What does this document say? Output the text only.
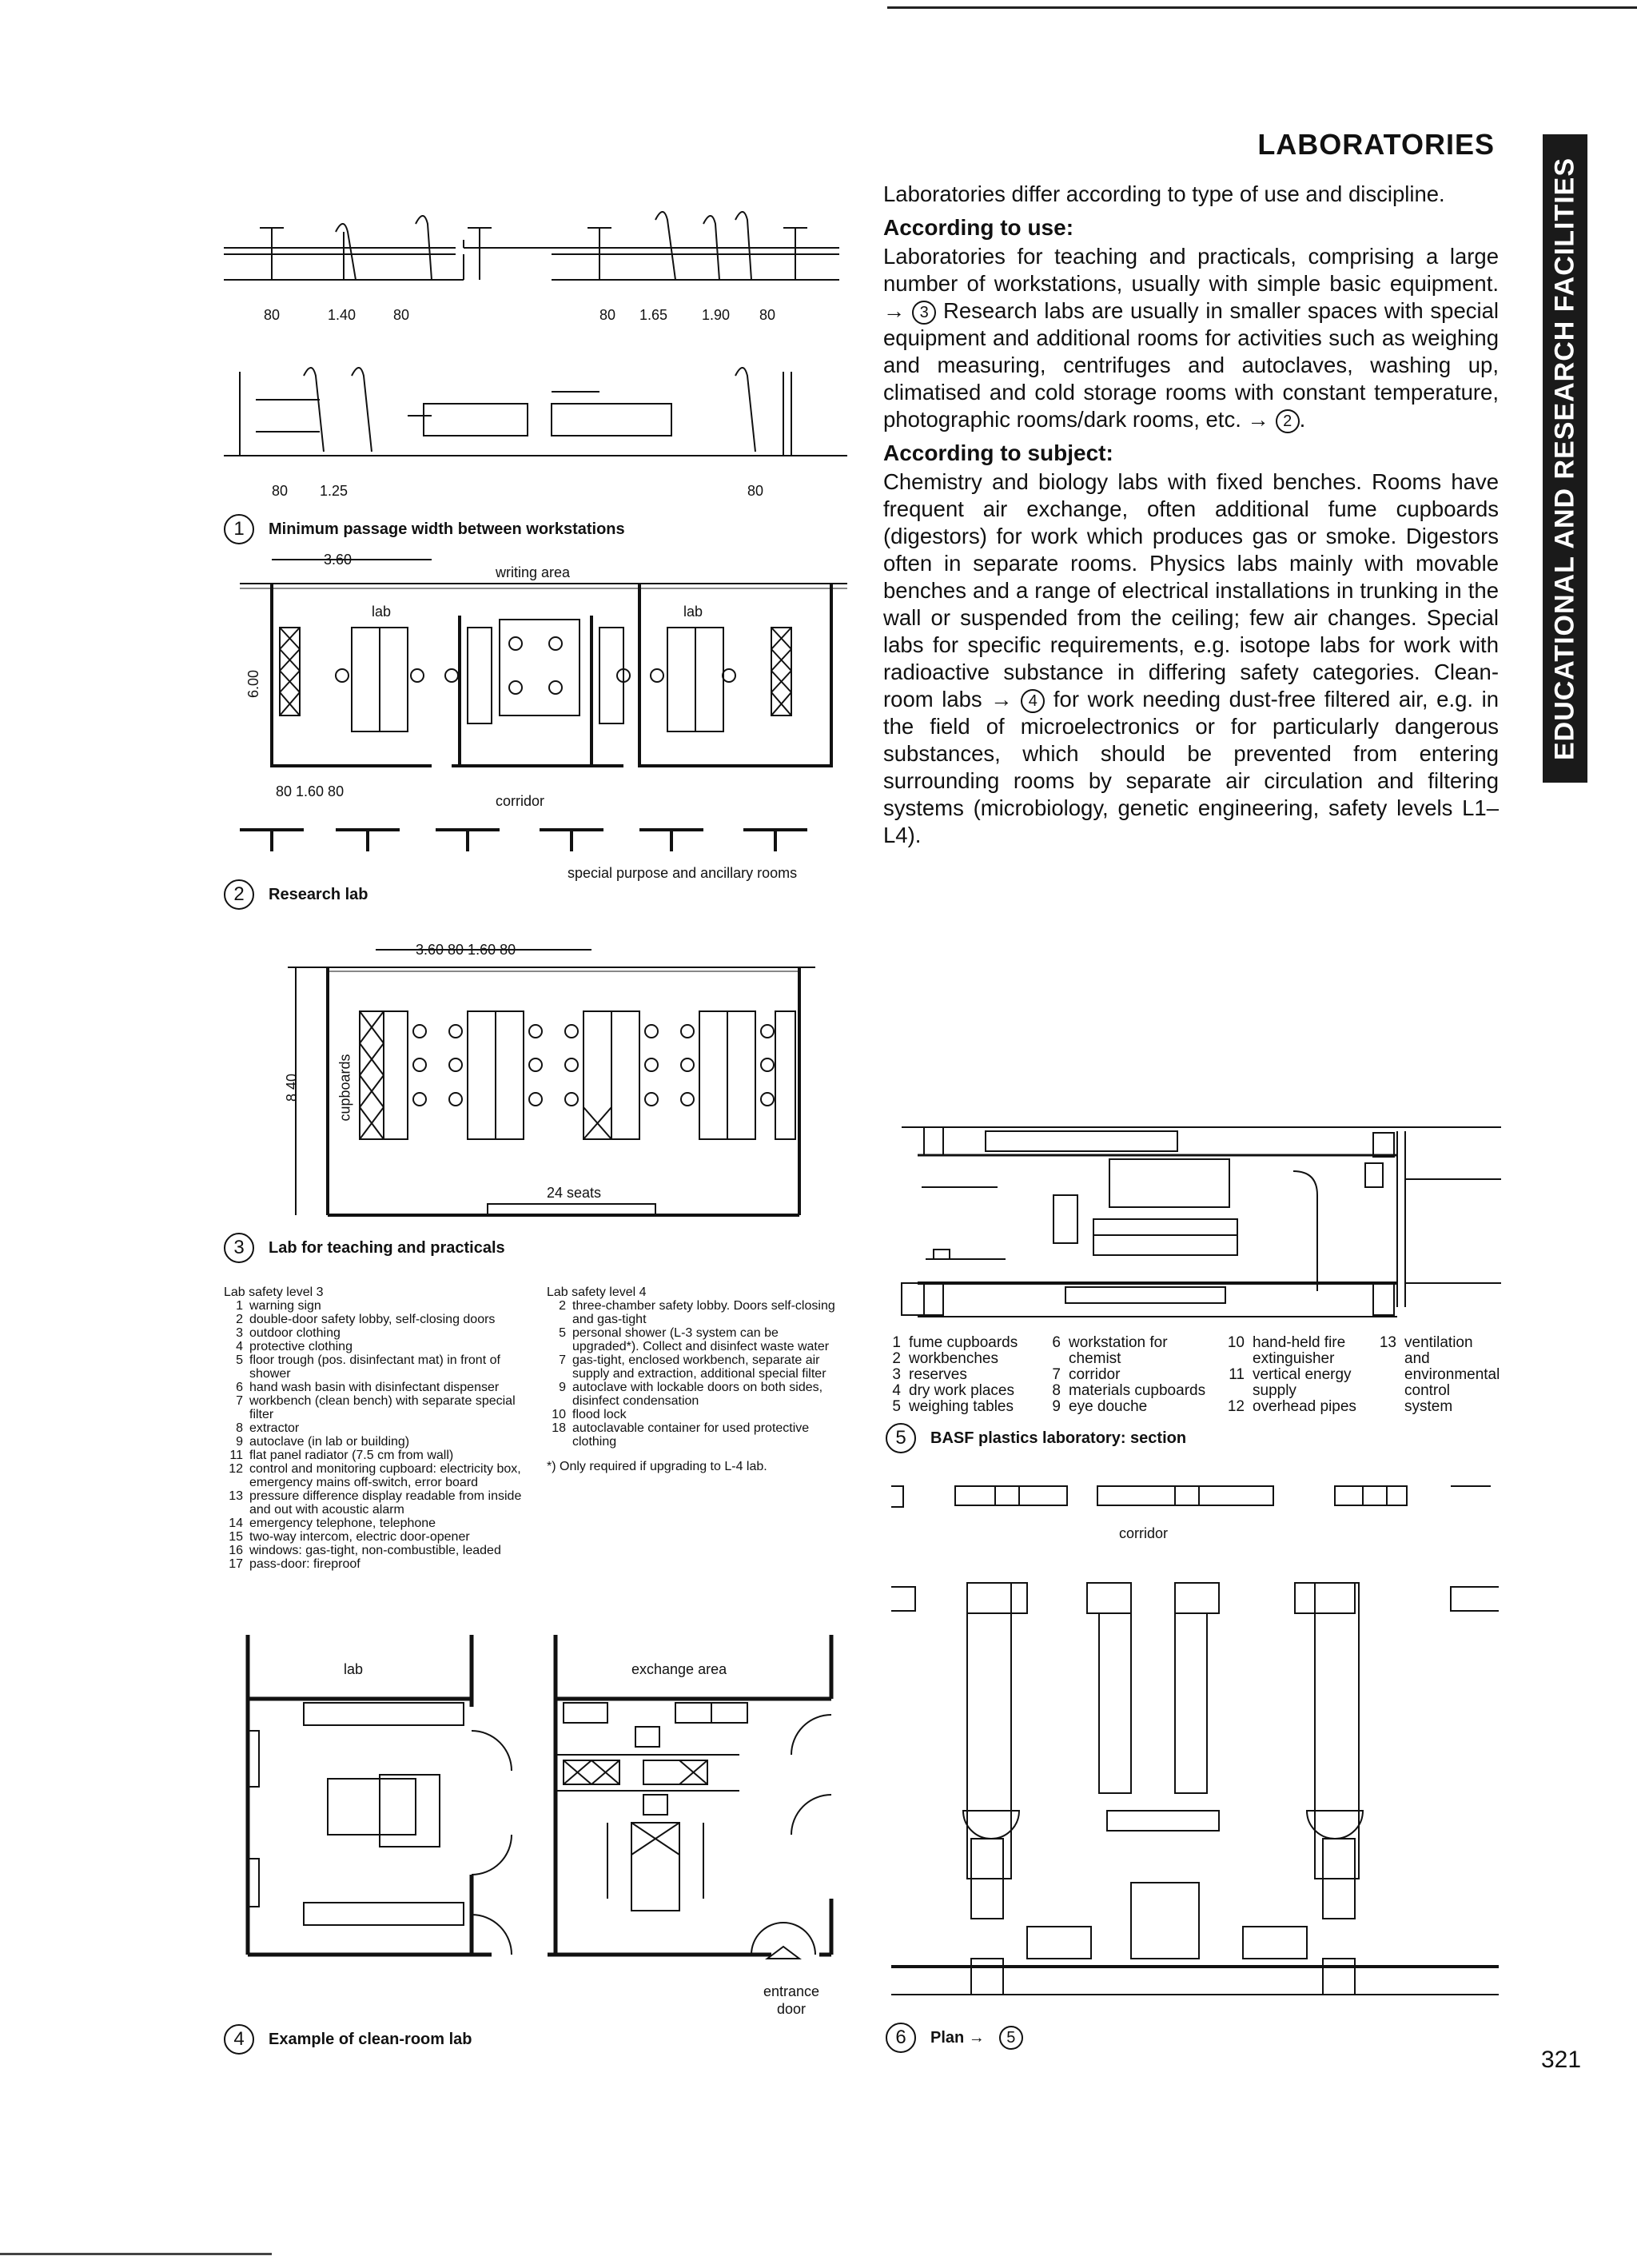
LABORATORIES
EDUCATIONAL AND RESEARCH FACILITIES

Laboratories differ according to type of use and discipline.

According to use:

Laboratories for teaching and practicals, comprising a large number of workstations, usually with simple basic equipment. → 3 Research labs are usually in smaller spaces with special equipment and additional rooms for activities such as weighing and measuring, centrifuges and autoclaves, washing up, climatised and cold storage rooms with constant temperature, photographic rooms/dark rooms, etc. → 2 .

According to subject:

Chemistry and biology labs with fixed benches. Rooms have frequent air exchange, often additional fume cupboards (digestors) for work which produces gas or smoke. Digestors often in separate rooms. Physics labs mainly with movable benches and a range of electrical installations in trunking in the wall or suspended from the ceiling; few air changes. Special labs for specific requirements, e.g. isotope labs for work with radioactive substance in differing safety categories. Clean-room labs → 4 for work needing dust-free filtered air, e.g. in the field of microelectronics or for particularly dangerous substances, which should be prevented from entering surrounding rooms by separate air circulation and filtering systems (microbiology, genetic engineering, safety levels L1–L4).

80	1.40	80	80 1.65 1.90 80
80 1.25	80
1	Minimum passage width between workstations
3.60
writing area
lab	lab
6.00
80 1.60 80
corridor
special purpose and ancillary rooms
2	Research lab
3.60 80 1.60 80
8.40	cupboards
24 seats
3	Lab for teaching and practicals
Lab safety level 3
1 warning sign
2 double-door safety lobby, self-closing doors
3 outdoor clothing
4 protective clothing
5 floor trough (pos. disinfectant mat) in front of shower
6 hand wash basin with disinfectant dispenser
7 workbench (clean bench) with separate special filter
8 extractor
9 autoclave (in lab or building)
11 flat panel radiator (7.5 cm from wall)
12 control and monitoring cupboard: electricity box, emergency mains off-switch, error board
13 pressure difference display readable from inside and out with acoustic alarm
14 emergency telephone, telephone
15 two-way intercom, electric door-opener
16 windows: gas-tight, non-combustible, leaded
17 pass-door: fireproof
Lab safety level 4
2 three-chamber safety lobby. Doors self-closing and gas-tight
5 personal shower (L-3 system can be upgraded*). Collect and disinfect waste water
7 gas-tight, enclosed workbench, separate air supply and extraction, additional special filter
9 autoclave with lockable doors on both sides, disinfect condensation
10 flood lock
18 autoclavable container for used protective clothing
*) Only required if upgrading to L-4 lab.
lab	exchange area
entrance door
4	Example of clean-room lab
1 fume cupboards
2 workbenches
3 reserves
4 dry work places
5 weighing tables
6 workstation for chemist
7 corridor
8 materials cupboards
9 eye douche
10 hand-held fire extinguisher
11 vertical energy supply
12 overhead pipes
13 ventilation and environmental control system
5	BASF plastics laboratory: section
corridor
6	Plan →	5
321
